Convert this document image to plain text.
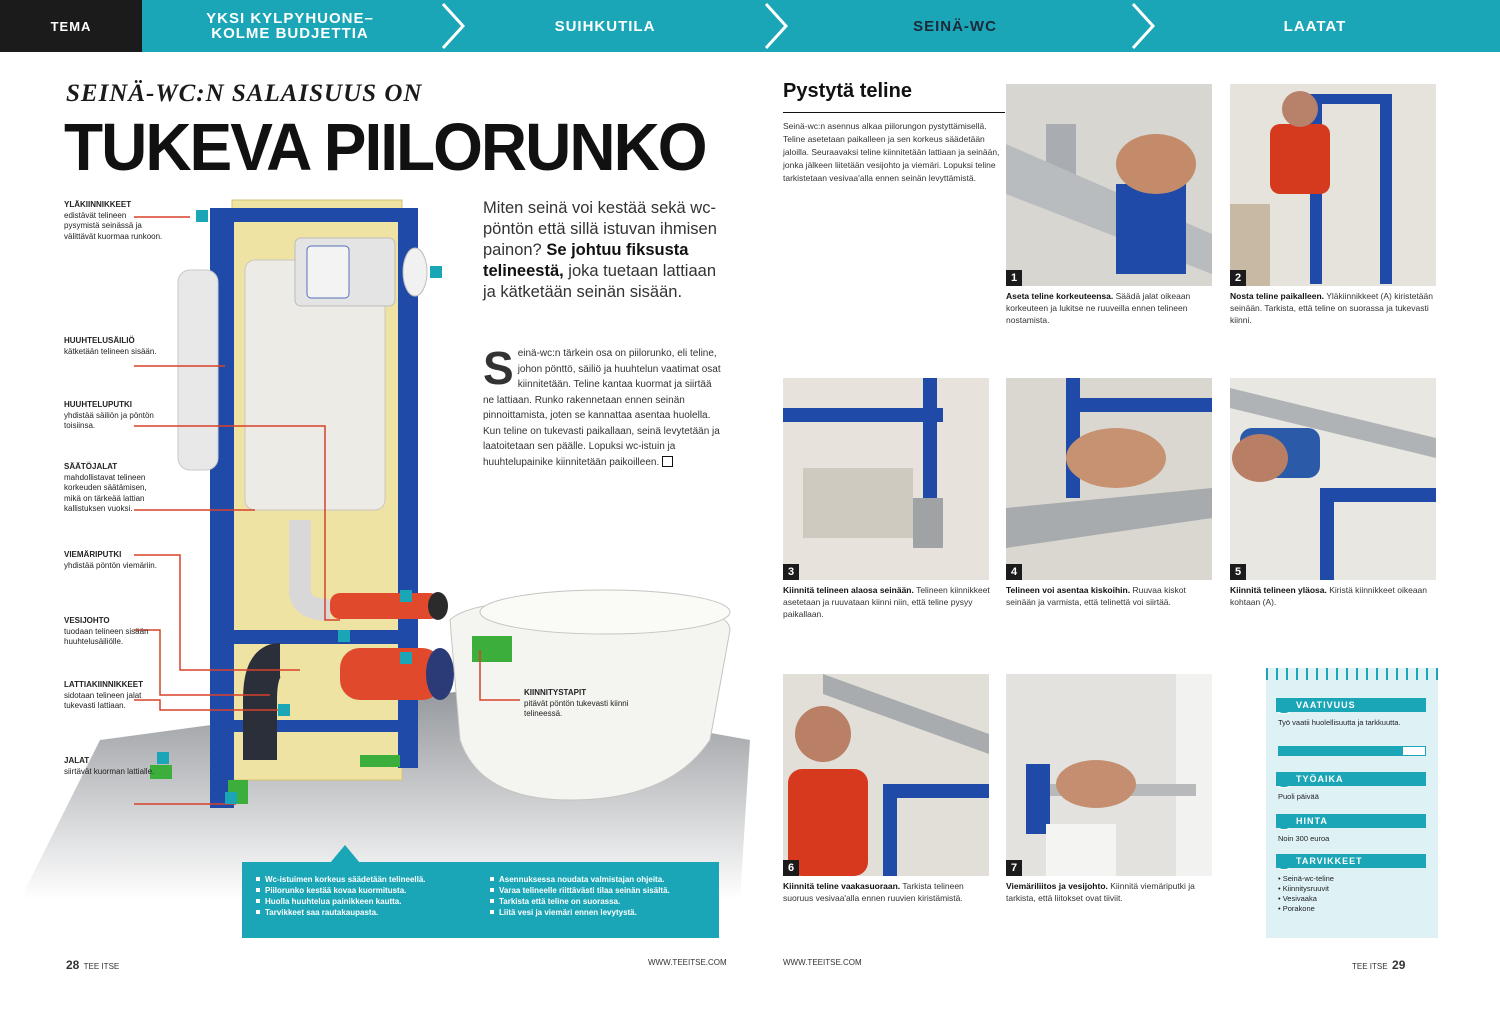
TEMA	YKSI KYLPYHUONE–
KOLME BUDJETTIA	SUIHKUTILA	SEINÄ-WC	LAATAT
SEINÄ-WC:N SALAISUUS ON
TUKEVA PIILORUNKO
YLÄKIINNIKKEET
edistävät telineen pysymistä seinässä ja välittävät kuormaa runkoon.
HUUHTELUSÄILIÖ
kätketään telineen sisään.
HUUHTELUPUTKI
yhdistää säiliön ja pöntön toisiinsa.
SÄÄTÖJALAT
mahdollistavat telineen korkeuden säätämisen, mikä on tärkeää lattian kallistuksen vuoksi.
VIEMÄRIPUTKI
yhdistää pöntön viemäriin.
VESIJOHTO
tuodaan telineen sisään huuhtelusäiliölle.
LATTIAKIINNIKKEET
sidotaan telineen jalat tukevasti lattiaan.
JALAT
siirtävät kuorman lattialle.
KIINNITYSTAPIT
pitävät pöntön tukevasti kiinni telineessä.
Miten seinä voi kestää sekä wc-pöntön että sillä istuvan ihmisen painon? Se johtuu fiksusta telineestä, joka tuetaan lattiaan ja kätketään seinän sisään.
Seinä-wc:n tärkein osa on piilorunko, eli teline, johon pönttö, säiliö ja huuhtelun vaatimat osat kiinnitetään. Teline kantaa kuormat ja siirtää ne lattiaan. Runko rakennetaan ennen seinän pinnoittamista, joten se kannattaa asentaa huolella. Kun teline on tukevasti paikallaan, seinä levytetään ja laatoitetaan sen päälle. Lopuksi wc-istuin ja huuhtelupainike kiinnitetään paikoilleen.
Wc-istuimen korkeus säädetään telineellä.
Piilorunko kestää kovaa kuormitusta.
Huolla huuhtelua painikkeen kautta.
Tarvikkeet saa rautakaupasta.
Asennuksessa noudata valmistajan ohjeita.
Varaa telineelle riittävästi tilaa seinän sisältä.
Tarkista että teline on suorassa.
Liitä vesi ja viemäri ennen levytystä.
28 TEE ITSE	WWW.TEEITSE.COM
Pystytä teline
Seinä-wc:n asennus alkaa piilorungon pystyttämisellä. Teline asetetaan paikalleen ja sen korkeus säädetään jaloilla. Seuraavaksi teline kiinnitetään lattiaan ja seinään, jonka jälkeen liitetään vesijohto ja viemäri. Lopuksi teline tarkistetaan vesivaa'alla ennen seinän levyttämistä.
1	2
Aseta teline korkeuteensa. Säädä jalat oikeaan korkeuteen ja lukitse ne ruuveilla ennen telineen nostamista.
Nosta teline paikalleen. Yläkiinnikkeet (A) kiristetään seinään. Tarkista, että teline on suorassa ja tukevasti kiinni.
3	4	5
Kiinnitä telineen alaosa seinään. Telineen kiinnikkeet asetetaan ja ruuvataan kiinni niin, että teline pysyy paikallaan.
Telineen voi asentaa kiskoihin. Ruuvaa kiskot seinään ja varmista, että telinettä voi siirtää.
Kiinnitä telineen yläosa. Kiristä kiinnikkeet oikeaan kohtaan (A).
6	7
Kiinnitä teline vaakasuoraan. Tarkista telineen suoruus vesivaa'alla ennen ruuvien kiristämistä.
Viemäriliitos ja vesijohto. Kiinnitä viemäriputki ja tarkista, että liitokset ovat tiiviit.
VAATIVUUS
Työ vaatii huolellisuutta ja tarkkuutta.
TYÖAIKA
Puoli päivää
HINTA
Noin 300 euroa
TARVIKKEET
• Seinä-wc-teline
• Kiinnitysruuvit
• Vesivaaka
• Porakone
WWW.TEEITSE.COM	TEE ITSE 29
